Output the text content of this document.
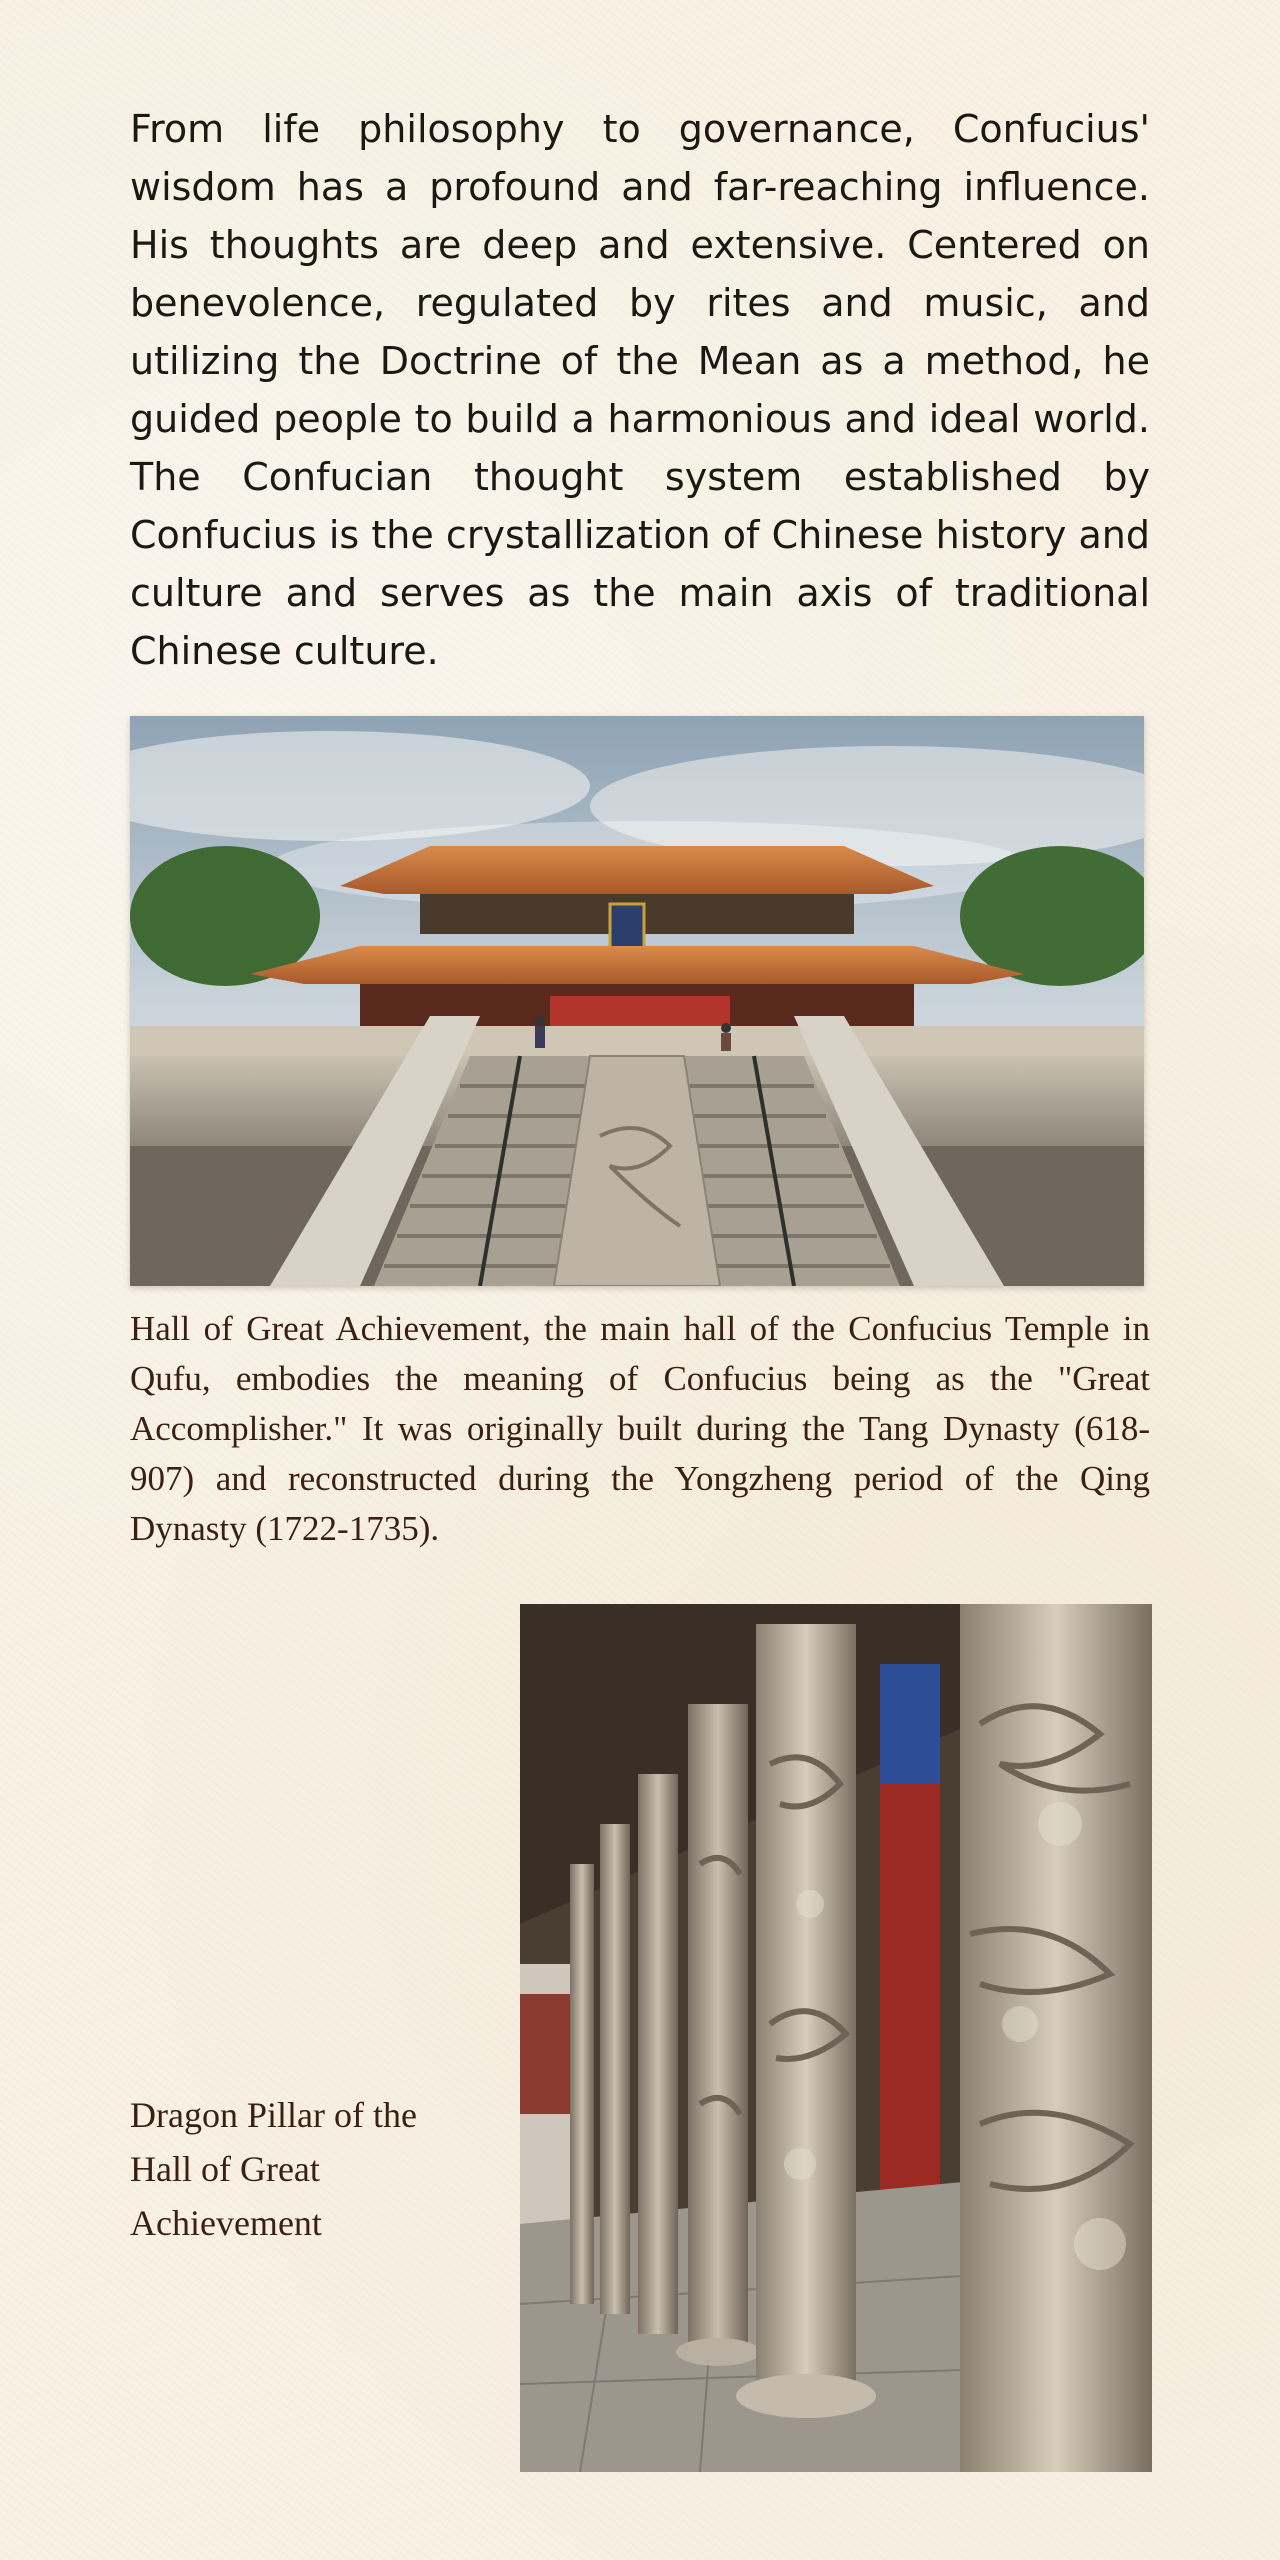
From life philosophy to governance, Confucius' wisdom has a profound and far-reaching influence. His thoughts are deep and extensive. Centered on benevolence, regulated by rites and music, and utilizing the Doctrine of the Mean as a method, he guided people to build a harmonious and ideal world. The Confucian thought system established by Confucius is the crystallization of Chinese history and culture and serves as the main axis of traditional Chinese culture.

Hall of Great Achievement, the main hall of the Confucius Temple in Qufu, embodies the meaning of Confucius being as the "Great Accomplisher." It was originally built during the Tang Dynasty (618-907) and reconstructed during the Yongzheng period of the Qing Dynasty (1722-1735).

Dragon Pillar of the Hall of Great Achievement
